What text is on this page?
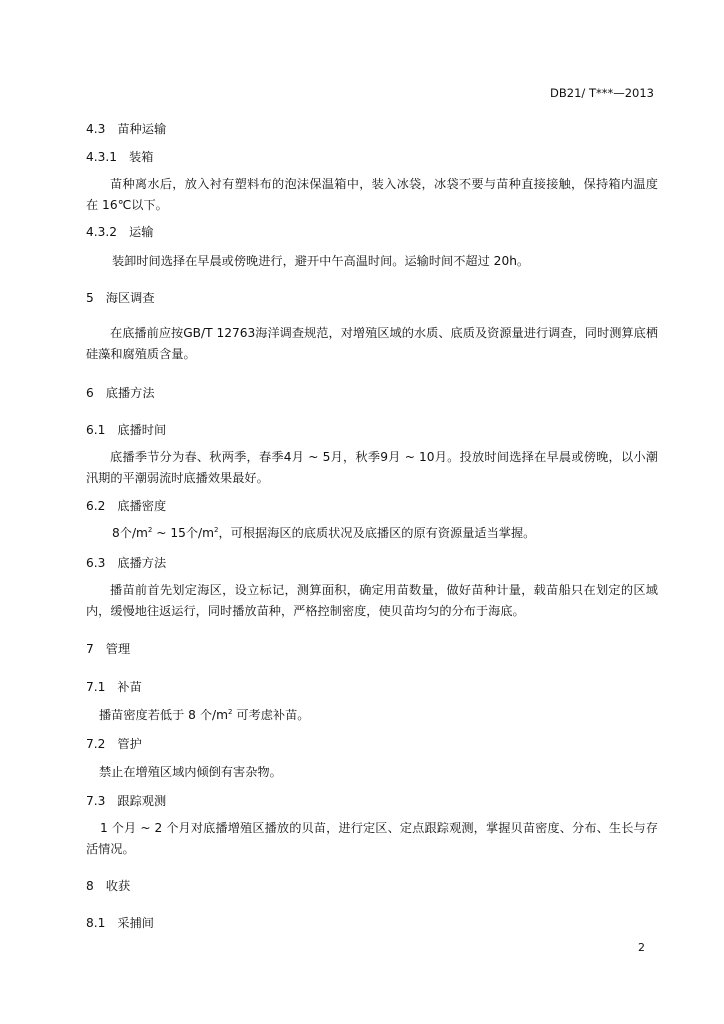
DB21/ T***—2013
4.3 苗种运输
4.3.1 装箱
苗种离水后，放入衬有塑料布的泡沫保温箱中，装入冰袋，冰袋不要与苗种直接接触，保持箱内温度在 16℃以下。
4.3.2 运输
装卸时间选择在早晨或傍晚进行，避开中午高温时间。运输时间不超过 20h。
5 海区调查
在底播前应按GB/T 12763海洋调查规范，对增殖区域的水质、底质及资源量进行调查，同时测算底栖硅藻和腐殖质含量。
6 底播方法
6.1 底播时间
底播季节分为春、秋两季，春季4月 ~ 5月，秋季9月 ~ 10月。投放时间选择在早晨或傍晚，以小潮汛期的平潮弱流时底播效果最好。
6.2 底播密度
8个$/m^2$ ~ 15个$/m^2$，可根据海区的底质状况及底播区的原有资源量适当掌握。
6.3 底播方法
播苗前首先划定海区，设立标记，测算面积，确定用苗数量，做好苗种计量，载苗船只在划定的区域内，缓慢地往返运行，同时播放苗种，严格控制密度，使贝苗均匀的分布于海底。
7 管理
7.1 补苗
播苗密度若低于 8 个$/m^2$ 可考虑补苗。
7.2 管护
禁止在增殖区域内倾倒有害杂物。
7.3 跟踪观测
1 个月 ~ 2 个月对底播增殖区播放的贝苗，进行定区、定点跟踪观测，掌握贝苗密度、分布、生长与存活情况。
8 收获
8.1 采捕间
2
